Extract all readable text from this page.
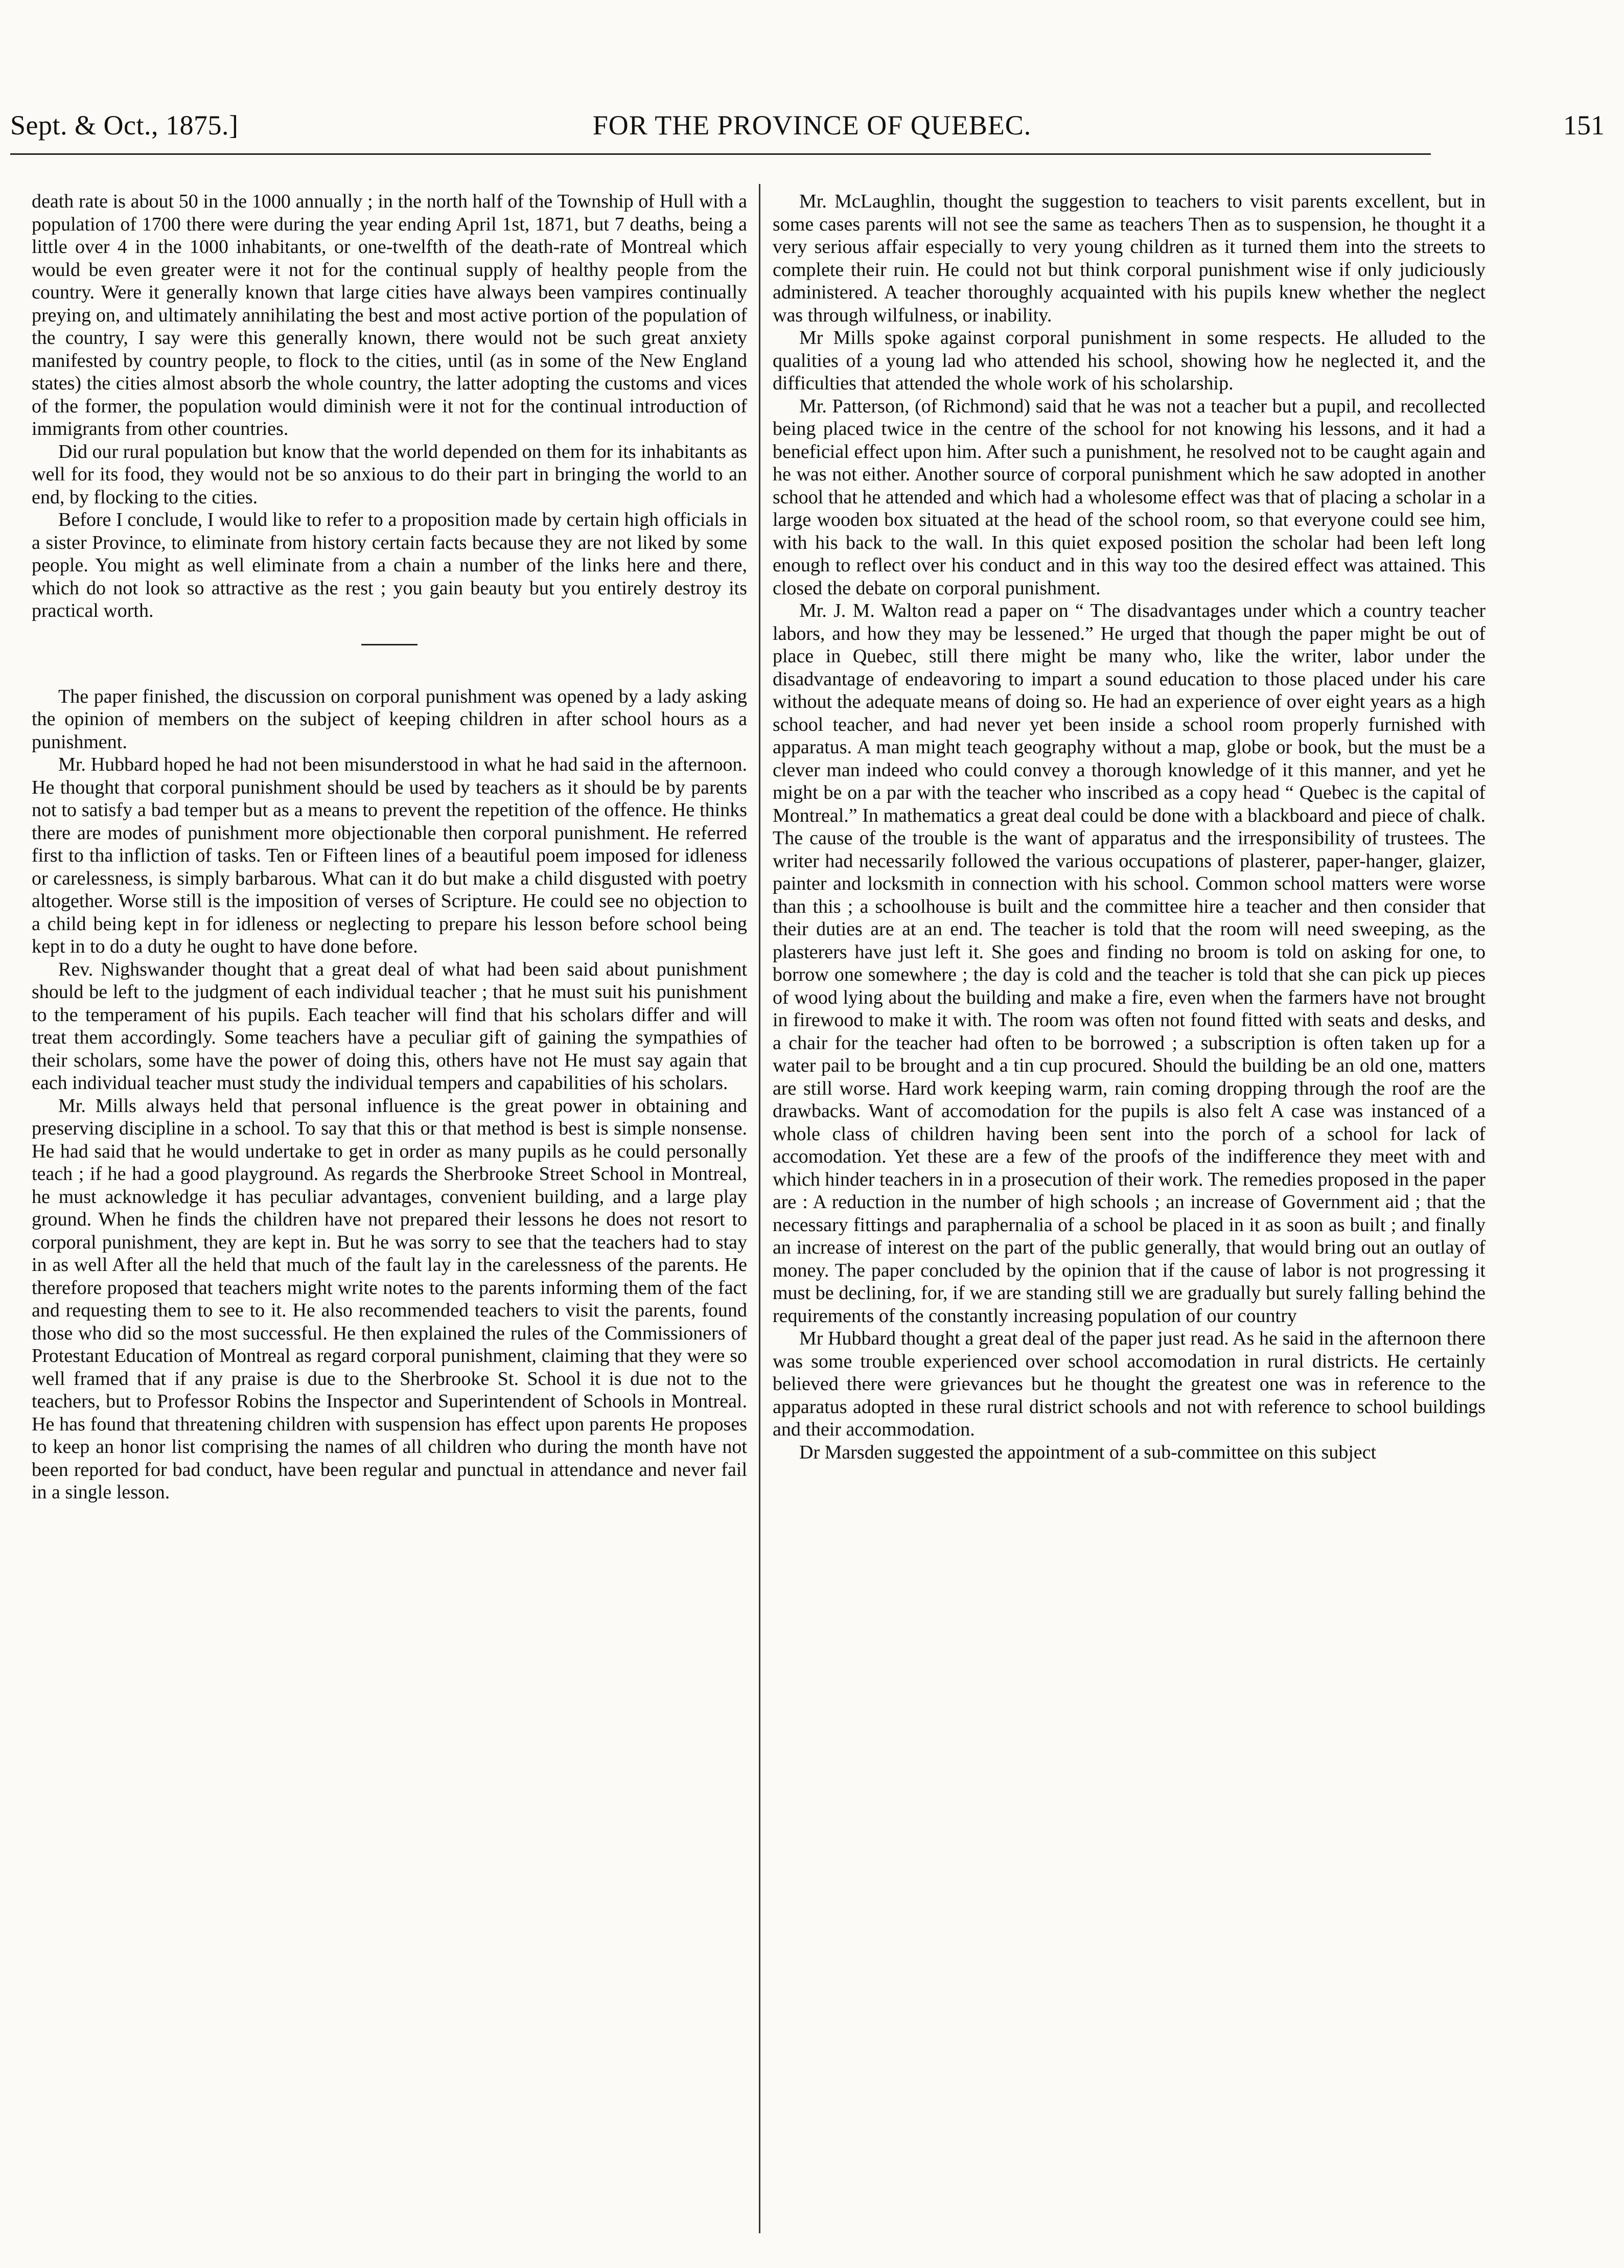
Sept. & Oct., 1875.]	FOR THE PROVINCE OF QUEBEC.	151

death rate is about 50 in the 1000 annually ; in the north half of the Township of Hull with a population of 1700 there were during the year ending April 1st, 1871, but 7 deaths, being a little over 4 in the 1000 inhabitants, or one-twelfth of the death-rate of Montreal which would be even greater were it not for the continual supply of healthy people from the country. Were it generally known that large cities have always been vampires continually preying on, and ultimately annihilating the best and most active portion of the population of the country, I say were this generally known, there would not be such great anxiety manifested by country people, to flock to the cities, until (as in some of the New England states) the cities almost absorb the whole country, the latter adopting the customs and vices of the former, the population would diminish were it not for the continual introduction of immigrants from other countries.

Did our rural population but know that the world depended on them for its inhabitants as well for its food, they would not be so anxious to do their part in bringing the world to an end, by flocking to the cities.

Before I conclude, I would like to refer to a proposition made by certain high officials in a sister Province, to eliminate from history certain facts because they are not liked by some people. You might as well eliminate from a chain a number of the links here and there, which do not look so attractive as the rest ; you gain beauty but you entirely destroy its practical worth.

The paper finished, the discussion on corporal punishment was opened by a lady asking the opinion of members on the subject of keeping children in after school hours as a punishment.

Mr. Hubbard hoped he had not been misunderstood in what he had said in the afternoon. He thought that corporal punishment should be used by teachers as it should be by parents not to satisfy a bad temper but as a means to prevent the repetition of the offence. He thinks there are modes of punishment more objectionable then corporal punishment. He referred first to tha infliction of tasks. Ten or Fifteen lines of a beautiful poem imposed for idleness or carelessness, is simply barbarous. What can it do but make a child disgusted with poetry altogether. Worse still is the imposition of verses of Scripture. He could see no objection to a child being kept in for idleness or neglecting to prepare his lesson before school being kept in to do a duty he ought to have done before.

Rev. Nighswander thought that a great deal of what had been said about punishment should be left to the judgment of each individual teacher ; that he must suit his punishment to the temperament of his pupils. Each teacher will find that his scholars differ and will treat them accordingly. Some teachers have a peculiar gift of gaining the sympathies of their scholars, some have the power of doing this, others have not He must say again that each individual teacher must study the individual tempers and capabilities of his scholars.

Mr. Mills always held that personal influence is the great power in obtaining and preserving discipline in a school. To say that this or that method is best is simple nonsense. He had said that he would undertake to get in order as many pupils as he could personally teach ; if he had a good playground. As regards the Sherbrooke Street School in Montreal, he must acknowledge it has peculiar advantages, convenient building, and a large play ground. When he finds the children have not prepared their lessons he does not resort to corporal punishment, they are kept in. But he was sorry to see that the teachers had to stay in as well After all the held that much of the fault lay in the carelessness of the parents. He therefore proposed that teachers might write notes to the parents informing them of the fact and requesting them to see to it. He also recommended teachers to visit the parents, found those who did so the most successful. He then explained the rules of the Commissioners of Protestant Education of Montreal as regard corporal punishment, claiming that they were so well framed that if any praise is due to the Sherbrooke St. School it is due not to the teachers, but to Professor Robins the Inspector and Superintendent of Schools in Montreal. He has found that threatening children with suspension has effect upon parents He proposes to keep an honor list comprising the names of all children who during the month have not been reported for bad conduct, have been regular and punctual in attendance and never fail in a single lesson.

Mr. McLaughlin, thought the suggestion to teachers to visit parents excellent, but in some cases parents will not see the same as teachers Then as to suspension, he thought it a very serious affair especially to very young children as it turned them into the streets to complete their ruin. He could not but think corporal punishment wise if only judiciously administered. A teacher thoroughly acquainted with his pupils knew whether the neglect was through wilfulness, or inability.

Mr Mills spoke against corporal punishment in some respects. He alluded to the qualities of a young lad who attended his school, showing how he neglected it, and the difficulties that attended the whole work of his scholarship.

Mr. Patterson, (of Richmond) said that he was not a teacher but a pupil, and recollected being placed twice in the centre of the school for not knowing his lessons, and it had a beneficial effect upon him. After such a punishment, he resolved not to be caught again and he was not either. Another source of corporal punishment which he saw adopted in another school that he attended and which had a wholesome effect was that of placing a scholar in a large wooden box situated at the head of the school room, so that everyone could see him, with his back to the wall. In this quiet exposed position the scholar had been left long enough to reflect over his conduct and in this way too the desired effect was attained. This closed the debate on corporal punishment.

Mr. J. M. Walton read a paper on “ The disadvantages under which a country teacher labors, and how they may be lessened.” He urged that though the paper might be out of place in Quebec, still there might be many who, like the writer, labor under the disadvantage of endeavoring to impart a sound education to those placed under his care without the adequate means of doing so. He had an experience of over eight years as a high school teacher, and had never yet been inside a school room properly furnished with apparatus. A man might teach geography without a map, globe or book, but the must be a clever man indeed who could convey a thorough knowledge of it this manner, and yet he might be on a par with the teacher who inscribed as a copy head “ Quebec is the capital of Montreal.” In mathematics a great deal could be done with a blackboard and piece of chalk. The cause of the trouble is the want of apparatus and the irresponsibility of trustees. The writer had necessarily followed the various occupations of plasterer, paper-hanger, glaizer, painter and locksmith in connection with his school. Common school matters were worse than this ; a schoolhouse is built and the committee hire a teacher and then consider that their duties are at an end. The teacher is told that the room will need sweeping, as the plasterers have just left it. She goes and finding no broom is told on asking for one, to borrow one somewhere ; the day is cold and the teacher is told that she can pick up pieces of wood lying about the building and make a fire, even when the farmers have not brought in firewood to make it with. The room was often not found fitted with seats and desks, and a chair for the teacher had often to be borrowed ; a subscription is often taken up for a water pail to be brought and a tin cup procured. Should the building be an old one, matters are still worse. Hard work keeping warm, rain coming dropping through the roof are the drawbacks. Want of accomodation for the pupils is also felt A case was instanced of a whole class of children having been sent into the porch of a school for lack of accomodation. Yet these are a few of the proofs of the indifference they meet with and which hinder teachers in in a prosecution of their work. The remedies proposed in the paper are : A reduction in the number of high schools ; an increase of Government aid ; that the necessary fittings and paraphernalia of a school be placed in it as soon as built ; and finally an increase of interest on the part of the public generally, that would bring out an outlay of money. The paper concluded by the opinion that if the cause of labor is not progressing it must be declining, for, if we are standing still we are gradually but surely falling behind the requirements of the constantly increasing population of our country

Mr Hubbard thought a great deal of the paper just read. As he said in the afternoon there was some trouble experienced over school accomodation in rural districts. He certainly believed there were grievances but he thought the greatest one was in reference to the apparatus adopted in these rural district schools and not with reference to school buildings and their accommodation.

Dr Marsden suggested the appointment of a sub-committee on this subject
